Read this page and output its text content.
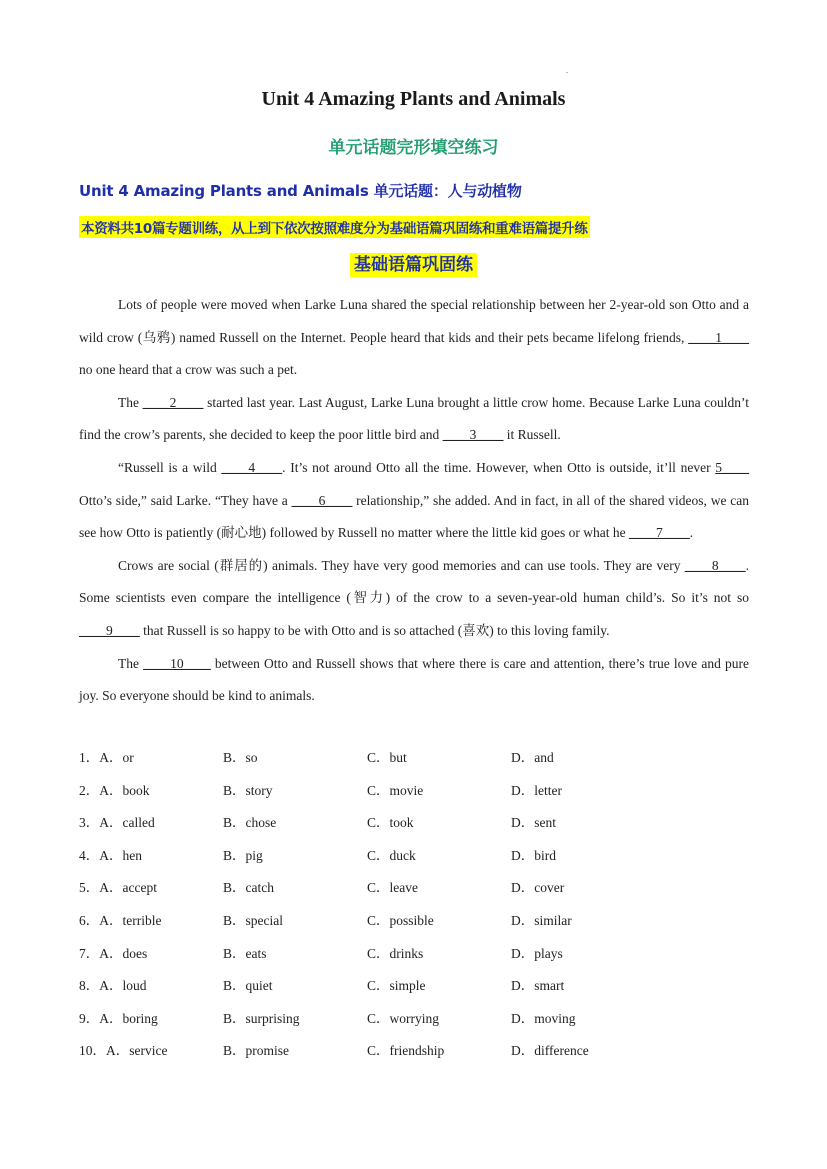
.
Unit 4 Amazing Plants and Animals
单元话题完形填空练习
Unit 4 Amazing Plants and Animals 单元话题：人与动植物
本资料共10篇专题训练，从上到下依次按照难度分为基础语篇巩固练和重难语篇提升练
基础语篇巩固练

Lots of people were moved when Larke Luna shared the special relationship between her 2-year-old son Otto and a wild crow (乌鸦) named Russell on the Internet. People heard that kids and their pets became lifelong friends, ____1____ no one heard that a crow was such a pet.

The ____2____ started last year. Last August, Larke Luna brought a little crow home. Because Larke Luna couldn’t find the crow’s parents, she decided to keep the poor little bird and ____3____ it Russell.

“Russell is a wild ____4____. It’s not around Otto all the time. However, when Otto is outside, it’ll never 5____ Otto’s side,” said Larke. “They have a ____6____ relationship,” she added. And in fact, in all of the shared videos, we can see how Otto is patiently (耐心地) followed by Russell no matter where the little kid goes or what he ____7____.

Crows are social (群居的) animals. They have very good memories and can use tools. They are very ____8____. Some scientists even compare the intelligence (智力) of the crow to a seven-year-old human child’s. So it’s not so ____9____ that Russell is so happy to be with Otto and is so attached (喜欢) to this loving family.

The ____10____ between Otto and Russell shows that where there is care and attention, there’s true love and pure joy. So everyone should be kind to animals.

1．A．or	B．so	C．but	D．and
2．A．book	B．story	C．movie	D．letter
3．A．called	B．chose	C．took	D．sent
4．A．hen	B．pig	C．duck	D．bird
5．A．accept	B．catch	C．leave	D．cover
6．A．terrible	B．special	C．possible	D．similar
7．A．does	B．eats	C．drinks	D．plays
8．A．loud	B．quiet	C．simple	D．smart
9．A．boring	B．surprising	C．worrying	D．moving
10．A．service	B．promise	C．friendship	D．difference
